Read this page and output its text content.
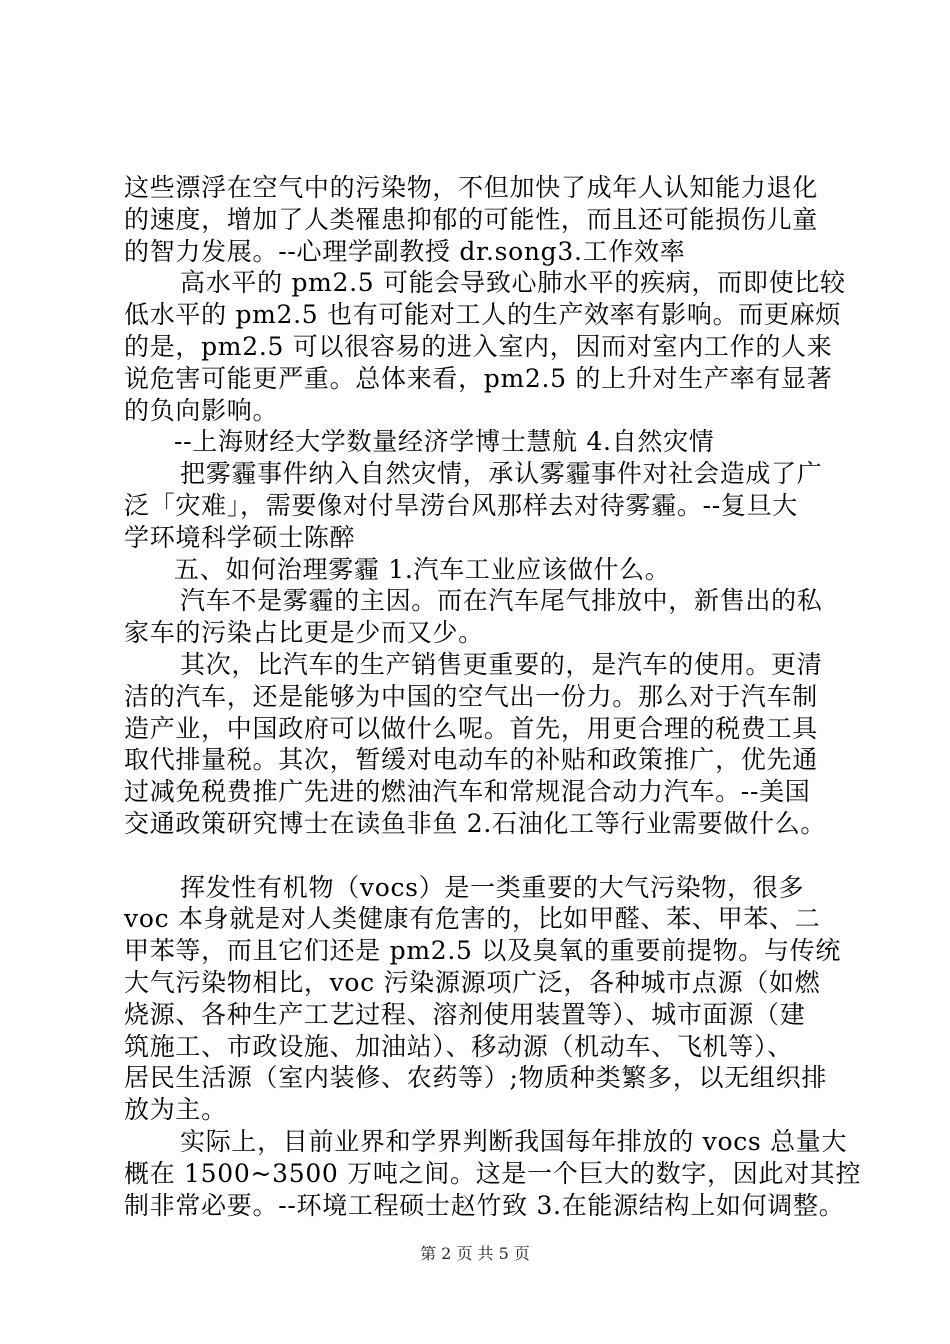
这些漂浮在空气中的污染物，不但加快了成年人认知能力退化
的速度，增加了人类罹患抑郁的可能性，而且还可能损伤儿童
的智力发展。--心理学副教授 dr.song3.工作效率
高水平的 pm2.5 可能会导致心肺水平的疾病，而即使比较
低水平的 pm2.5 也有可能对工人的生产效率有影响。而更麻烦
的是，pm2.5 可以很容易的进入室内，因而对室内工作的人来
说危害可能更严重。总体来看，pm2.5 的上升对生产率有显著
的负向影响。
--上海财经大学数量经济学博士慧航 4.自然灾情
把雾霾事件纳入自然灾情，承认雾霾事件对社会造成了广
泛「灾难」，需要像对付旱涝台风那样去对待雾霾。--复旦大
学环境科学硕士陈醉
五、如何治理雾霾 1.汽车工业应该做什么。
汽车不是雾霾的主因。而在汽车尾气排放中，新售出的私
家车的污染占比更是少而又少。
其次，比汽车的生产销售更重要的，是汽车的使用。更清
洁的汽车，还是能够为中国的空气出一份力。那么对于汽车制
造产业，中国政府可以做什么呢。首先，用更合理的税费工具
取代排量税。其次，暂缓对电动车的补贴和政策推广，优先通
过减免税费推广先进的燃油汽车和常规混合动力汽车。--美国
交通政策研究博士在读鱼非鱼 2.石油化工等行业需要做什么。
挥发性有机物（vocs）是一类重要的大气污染物，很多
voc 本身就是对人类健康有危害的，比如甲醛、苯、甲苯、二
甲苯等，而且它们还是 pm2.5 以及臭氧的重要前提物。与传统
大气污染物相比，voc 污染源源项广泛，各种城市点源（如燃
烧源、各种生产工艺过程、溶剂使用装置等）、城市面源（建
筑施工、市政设施、加油站）、移动源（机动车、飞机等）、
居民生活源（室内装修、农药等）;物质种类繁多，以无组织排
放为主。
实际上，目前业界和学界判断我国每年排放的 vocs 总量大
概在 1500~3500 万吨之间。这是一个巨大的数字，因此对其控
制非常必要。--环境工程硕士赵竹致 3.在能源结构上如何调整。
第 2 页 共 5 页
